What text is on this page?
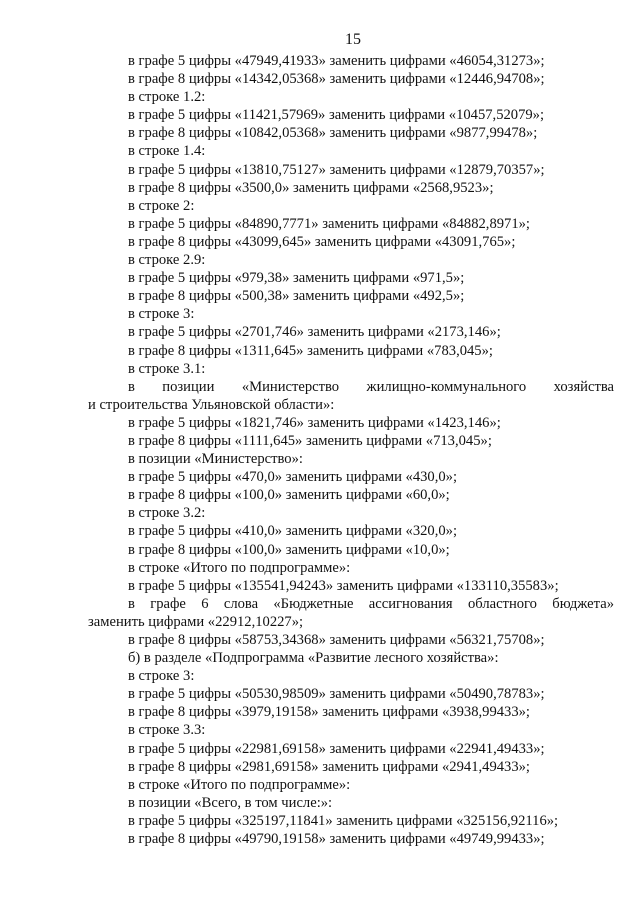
15
в графе 5 цифры «47949,41933» заменить цифрами «46054,31273»;
в графе 8 цифры «14342,05368» заменить цифрами «12446,94708»;
в строке 1.2:
в графе 5 цифры «11421,57969» заменить цифрами «10457,52079»;
в графе 8 цифры «10842,05368» заменить цифрами «9877,99478»;
в строке 1.4:
в графе 5 цифры «13810,75127» заменить цифрами «12879,70357»;
в графе 8 цифры «3500,0» заменить цифрами «2568,9523»;
в строке 2:
в графе 5 цифры «84890,7771» заменить цифрами «84882,8971»;
в графе 8 цифры «43099,645» заменить цифрами «43091,765»;
в строке 2.9:
в графе 5 цифры «979,38» заменить цифрами «971,5»;
в графе 8 цифры «500,38» заменить цифрами «492,5»;
в строке 3:
в графе 5 цифры «2701,746» заменить цифрами «2173,146»;
в графе 8 цифры «1311,645» заменить цифрами «783,045»;
в строке 3.1:
в позиции «Министерство жилищно-коммунального хозяйства
и строительства Ульяновской области»:
в графе 5 цифры «1821,746» заменить цифрами «1423,146»;
в графе 8 цифры «1111,645» заменить цифрами «713,045»;
в позиции «Министерство»:
в графе 5 цифры «470,0» заменить цифрами «430,0»;
в графе 8 цифры «100,0» заменить цифрами «60,0»;
в строке 3.2:
в графе 5 цифры «410,0» заменить цифрами «320,0»;
в графе 8 цифры «100,0» заменить цифрами «10,0»;
в строке «Итого по подпрограмме»:
в графе 5 цифры «135541,94243» заменить цифрами «133110,35583»;
в графе 6 слова «Бюджетные ассигнования областного бюджета»
заменить цифрами «22912,10227»;
в графе 8 цифры «58753,34368» заменить цифрами «56321,75708»;
б) в разделе «Подпрограмма «Развитие лесного хозяйства»:
в строке 3:
в графе 5 цифры «50530,98509» заменить цифрами «50490,78783»;
в графе 8 цифры «3979,19158» заменить цифрами «3938,99433»;
в строке 3.3:
в графе 5 цифры «22981,69158» заменить цифрами «22941,49433»;
в графе 8 цифры «2981,69158» заменить цифрами «2941,49433»;
в строке «Итого по подпрограмме»:
в позиции «Всего, в том числе:»:
в графе 5 цифры «325197,11841» заменить цифрами «325156,92116»;
в графе 8 цифры «49790,19158» заменить цифрами «49749,99433»;
